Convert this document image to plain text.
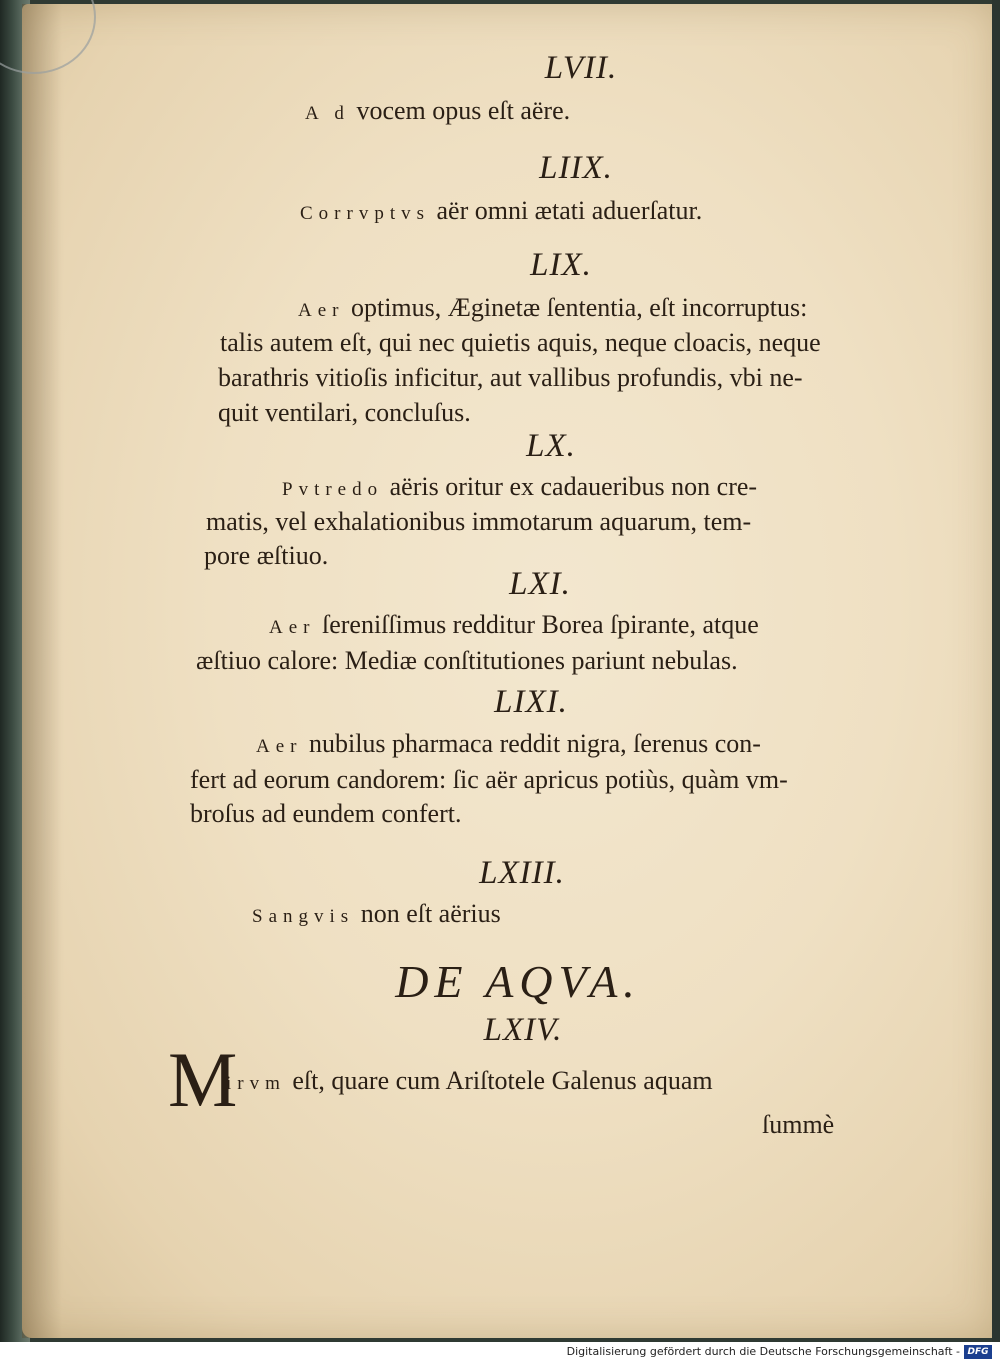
LVII.
A d vocem opus eſt aëre.
LIIX.
Corrvptvs aër omni ætati aduerſatur.
LIX.
Aer optimus, Æginetæ ſententia, eſt incorruptus:
talis autem eſt, qui nec quietis aquis, neque cloacis, neque
barathris vitioſis inficitur, aut vallibus profundis, vbi ne-
quit ventilari, concluſus.
LX.
Pvtredo aëris oritur ex cadaueribus non cre-
matis, vel exhalationibus immotarum aquarum, tem-
pore æſtiuo.
LXI.
Aer ſereniſſimus redditur Borea ſpirante, atque
æſtiuo calore: Mediæ conſtitutiones pariunt nebulas.
LIXI.
Aer nubilus pharmaca reddit nigra, ſerenus con-
fert ad eorum candorem: ſic aër apricus potiùs, quàm vm-
broſus ad eundem confert.
LXIII.
Sangvis non eſt aërius
DE AQVA.
LXIV.
M
irvm eſt, quare cum Ariſtotele Galenus aquam
ſummè
Digitalisierung gefördert durch die Deutsche Forschungsgemeinschaft - DFG
